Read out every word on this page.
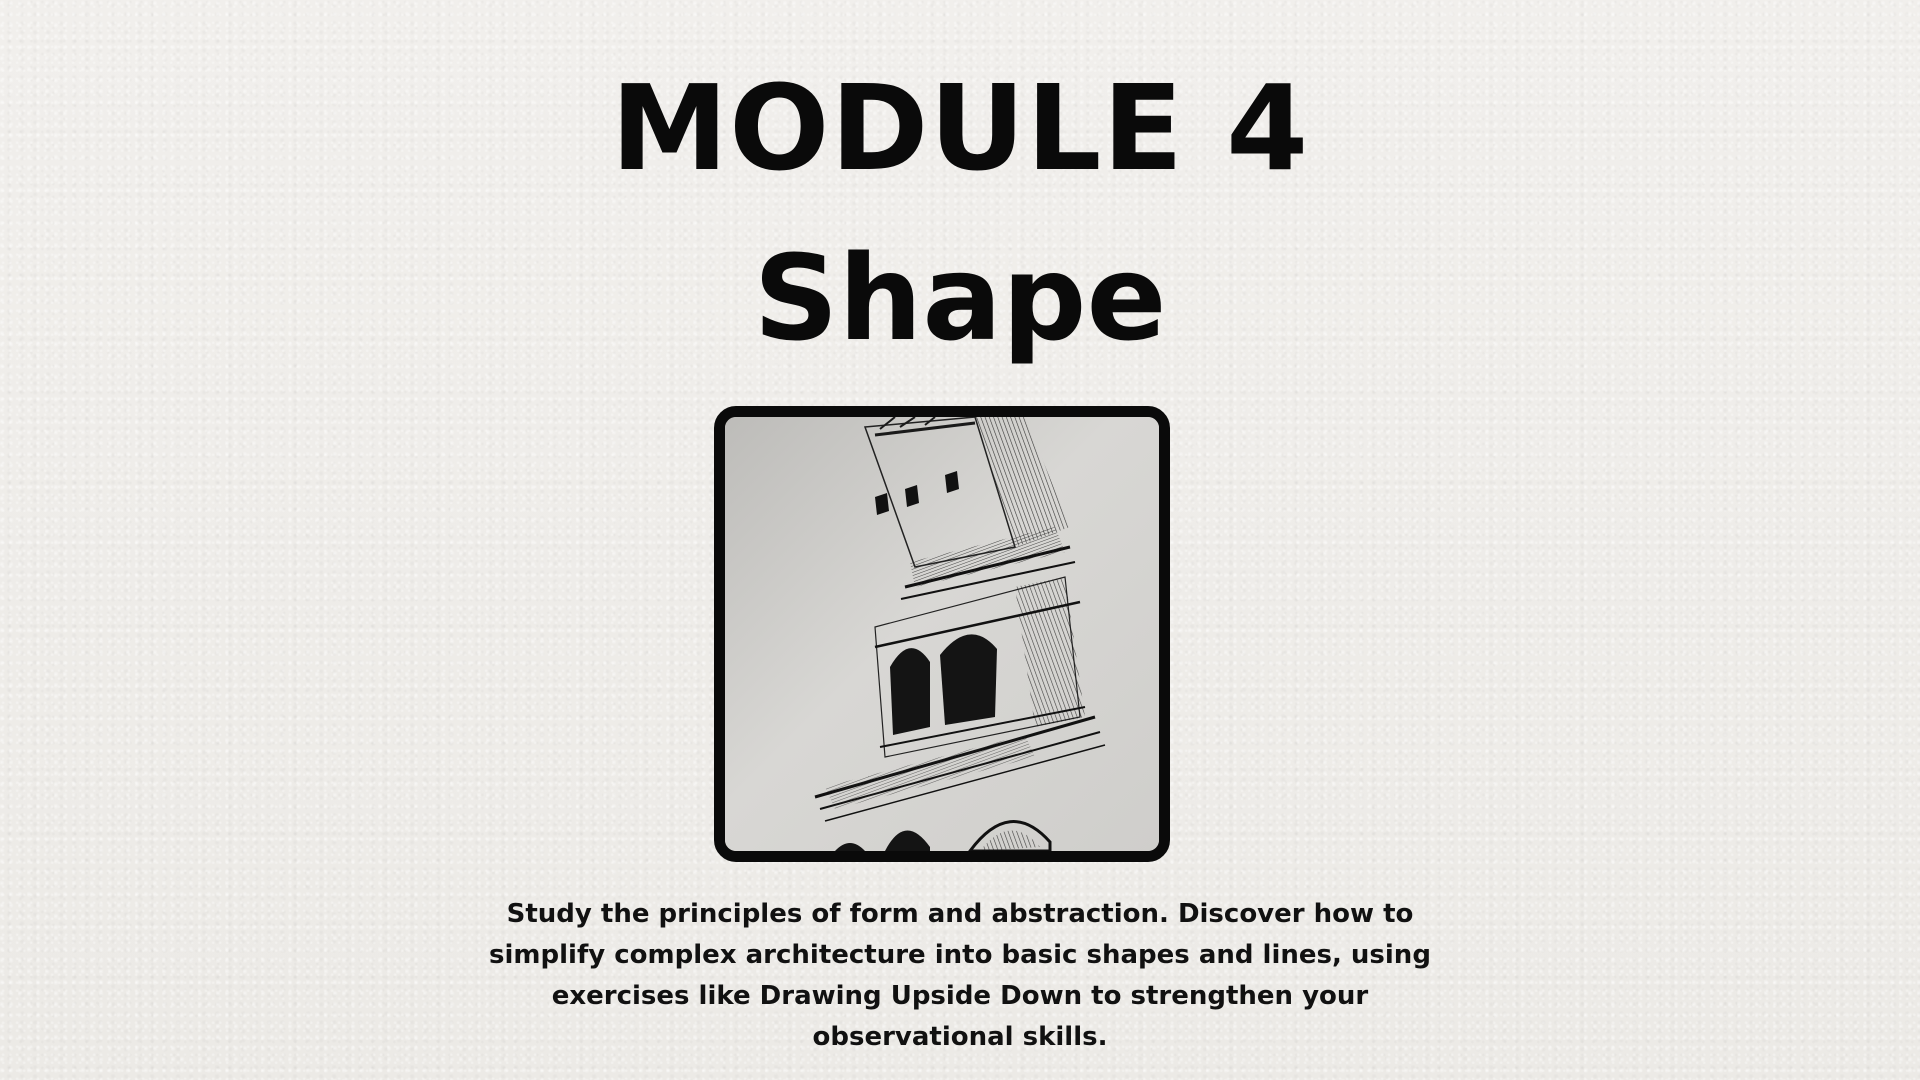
MODULE 4
Shape

Study the principles of form and abstraction. Discover how to simplify complex architecture into basic shapes and lines, using exercises like Drawing Upside Down to strengthen your observational skills.
